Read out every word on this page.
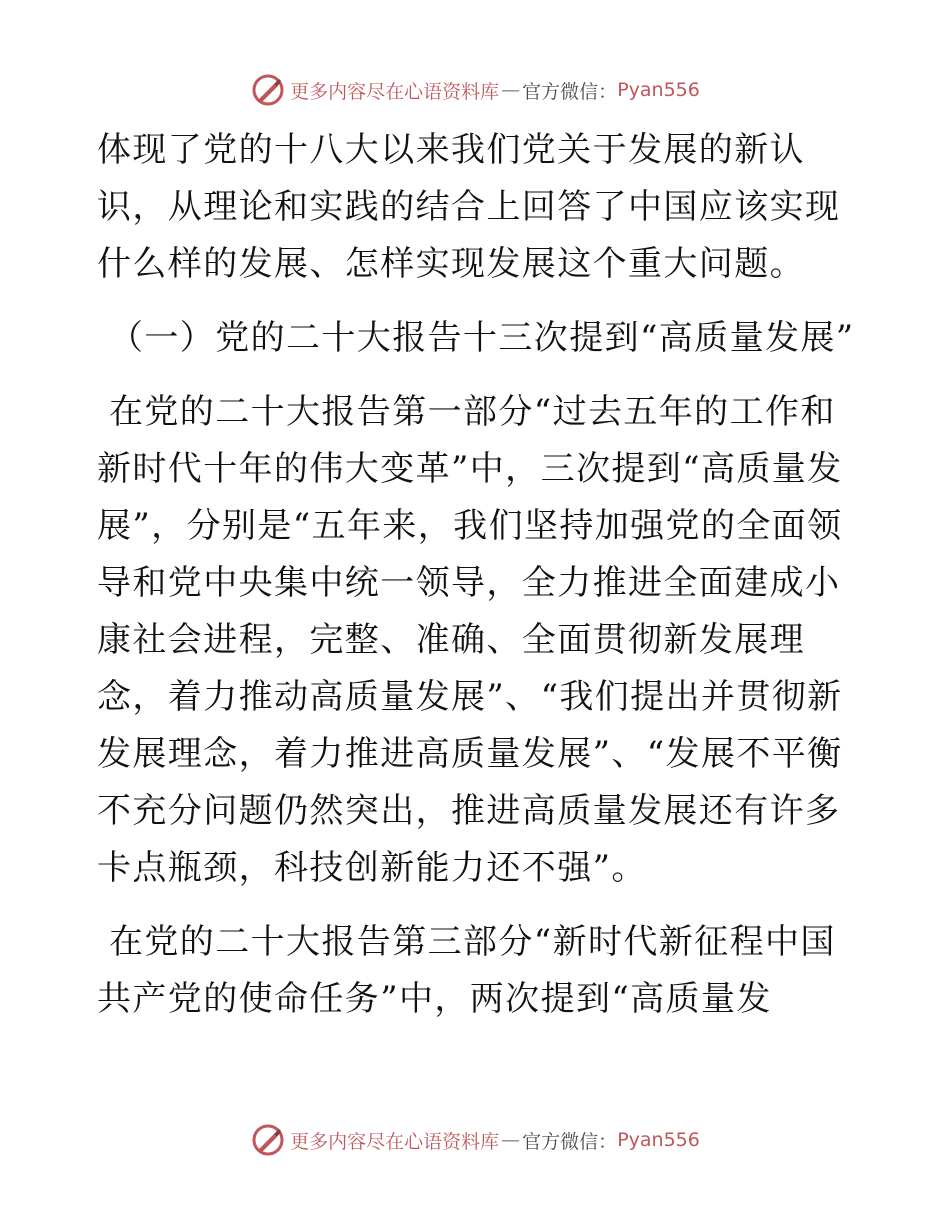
更多内容尽在心语资料库 — 官方微信： Pyan556

体现了党的十八大以来我们党关于发展的新认识，从理论和实践的结合上回答了中国应该实现什么样的发展、怎样实现发展这个重大问题。

（一）党的二十大报告十三次提到“高质量发展”

在党的二十大报告第一部分“过去五年的工作和新时代十年的伟大变革”中，三次提到“高质量发展”，分别是“五年来，我们坚持加强党的全面领导和党中央集中统一领导，全力推进全面建成小康社会进程，完整、准确、全面贯彻新发展理念，着力推动高质量发展”、“我们提出并贯彻新发展理念，着力推进高质量发展”、“发展不平衡不充分问题仍然突出，推进高质量发展还有许多卡点瓶颈，科技创新能力还不强”。

在党的二十大报告第三部分“新时代新征程中国共产党的使命任务”中，两次提到“高质量发

更多内容尽在心语资料库 — 官方微信： Pyan556
